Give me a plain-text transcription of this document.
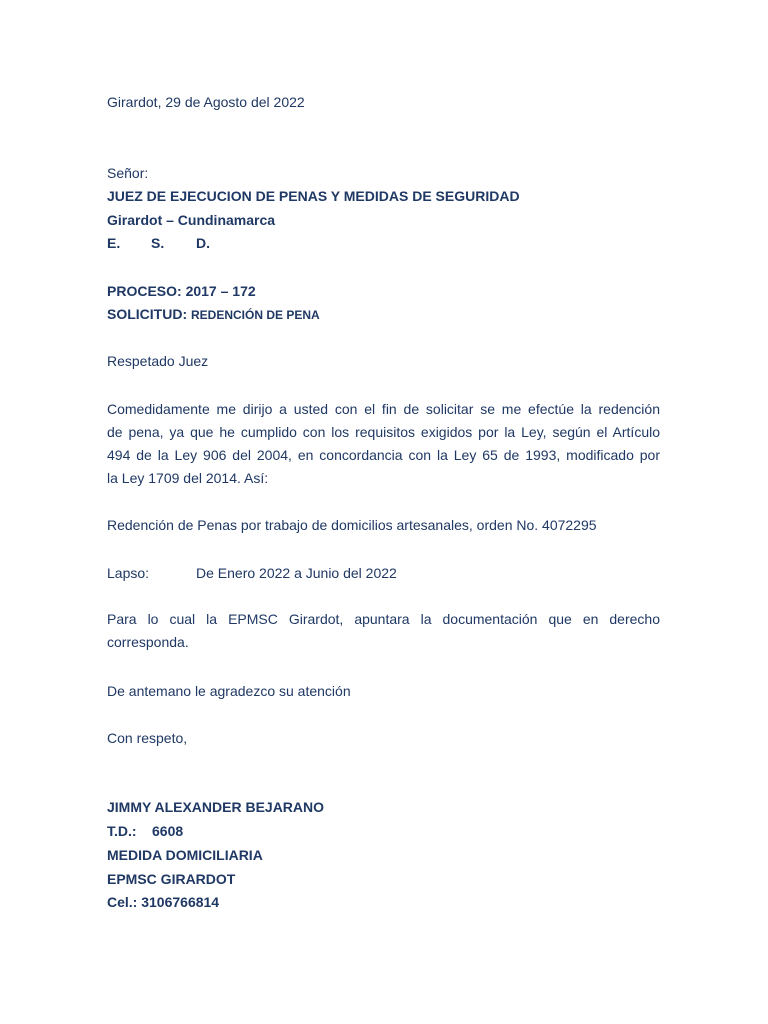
Girardot, 29 de Agosto del 2022
Señor:
JUEZ DE EJECUCION DE PENAS Y MEDIDAS DE SEGURIDAD
Girardot – Cundinamarca
E. S. D.
PROCESO: 2017 – 172
SOLICITUD: REDENCIÓN DE PENA
Respetado Juez
Comedidamente me dirijo a usted con el fin de solicitar se me efectúe la redención
de pena, ya que he cumplido con los requisitos exigidos por la Ley, según el Artículo
494 de la Ley 906 del 2004, en concordancia con la Ley 65 de 1993, modificado por
la Ley 1709 del 2014. Así:
Redención de Penas por trabajo de domicilios artesanales, orden No. 4072295
Lapso:	De Enero 2022 a Junio del 2022
Para lo cual la EPMSC Girardot, apuntara la documentación que en derecho
corresponda.
De antemano le agradezco su atención
Con respeto,
JIMMY ALEXANDER BEJARANO
T.D.: 6608
MEDIDA DOMICILIARIA
EPMSC GIRARDOT
Cel.: 3106766814
